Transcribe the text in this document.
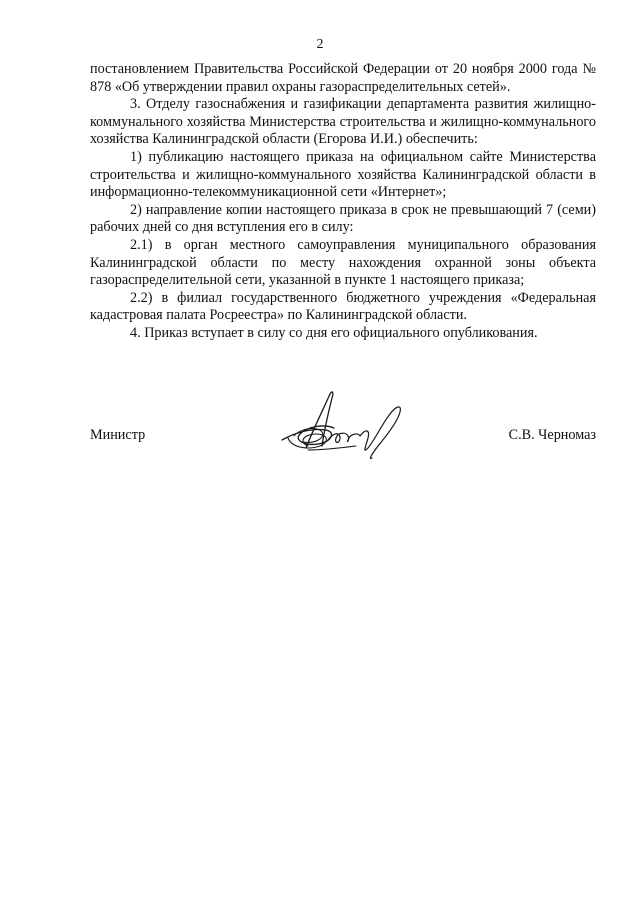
2

постановлением Правительства Российской Федерации от 20 ноября 2000 года № 878 «Об утверждении правил охраны газораспределительных сетей».

3. Отделу газоснабжения и газификации департамента развития жилищно-коммунального хозяйства Министерства строительства и жилищно-коммунального хозяйства Калининградской области (Егорова И.И.) обеспечить:

1) публикацию настоящего приказа на официальном сайте Министерства строительства и жилищно-коммунального хозяйства Калининградской области в информационно-телекоммуникационной сети «Интернет»;

2) направление копии настоящего приказа в срок не превышающий 7 (семи) рабочих дней со дня вступления его в силу:

2.1) в орган местного самоуправления муниципального образования Калининградской области по месту нахождения охранной зоны объекта газораспределительной сети, указанной в пункте 1 настоящего приказа;

2.2) в филиал государственного бюджетного учреждения «Федеральная кадастровая палата Росреестра» по Калининградской области.

4. Приказ вступает в силу со дня его официального опубликования.

Министр	С.В. Черномаз
